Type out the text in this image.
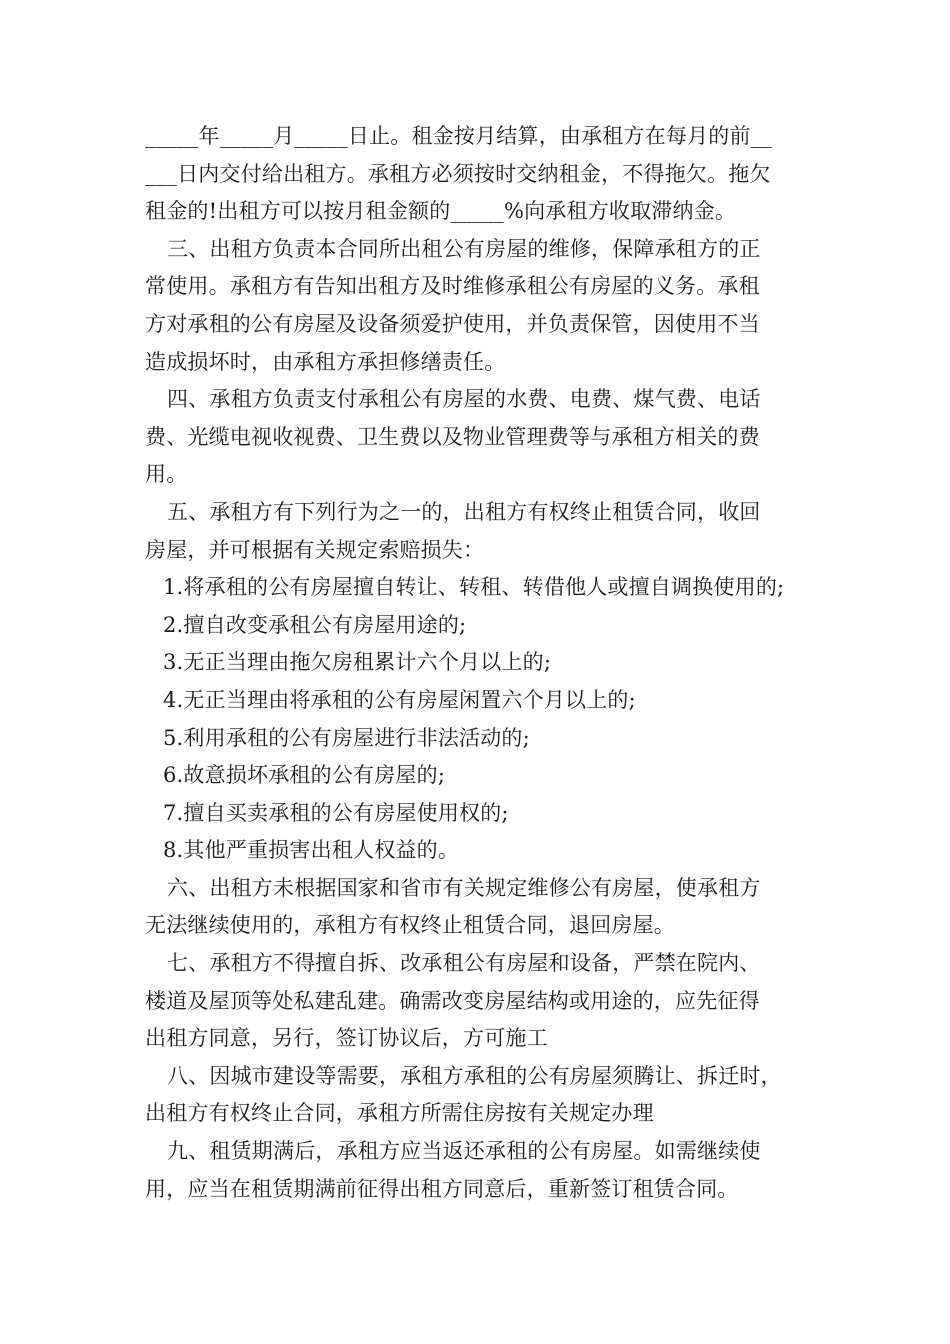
_____年_____月_____日止。租金按月结算，由承租方在每月的前__
___日内交付给出租方。承租方必须按时交纳租金，不得拖欠。拖欠
租金的!出租方可以按月租金额的_____%向承租方收取滞纳金。
三、出租方负责本合同所出租公有房屋的维修，保障承租方的正
常使用。承租方有告知出租方及时维修承租公有房屋的义务。承租
方对承租的公有房屋及设备须爱护使用，并负责保管，因使用不当
造成损坏时，由承租方承担修缮责任。
四、承租方负责支付承租公有房屋的水费、电费、煤气费、电话
费、光缆电视收视费、卫生费以及物业管理费等与承租方相关的费
用。
五、承租方有下列行为之一的，出租方有权终止租赁合同，收回
房屋，并可根据有关规定索赔损失：
1.将承租的公有房屋擅自转让、转租、转借他人或擅自调换使用的;
2.擅自改变承租公有房屋用途的;
3.无正当理由拖欠房租累计六个月以上的;
4.无正当理由将承租的公有房屋闲置六个月以上的;
5.利用承租的公有房屋进行非法活动的;
6.故意损坏承租的公有房屋的;
7.擅自买卖承租的公有房屋使用权的;
8.其他严重损害出租人权益的。
六、出租方未根据国家和省市有关规定维修公有房屋，使承租方
无法继续使用的，承租方有权终止租赁合同，退回房屋。
七、承租方不得擅自拆、改承租公有房屋和设备，严禁在院内、
楼道及屋顶等处私建乱建。确需改变房屋结构或用途的，应先征得
出租方同意，另行，签订协议后，方可施工
八、因城市建设等需要，承租方承租的公有房屋须腾让、拆迁时，
出租方有权终止合同，承租方所需住房按有关规定办理
九、租赁期满后，承租方应当返还承租的公有房屋。如需继续使
用，应当在租赁期满前征得出租方同意后，重新签订租赁合同。
